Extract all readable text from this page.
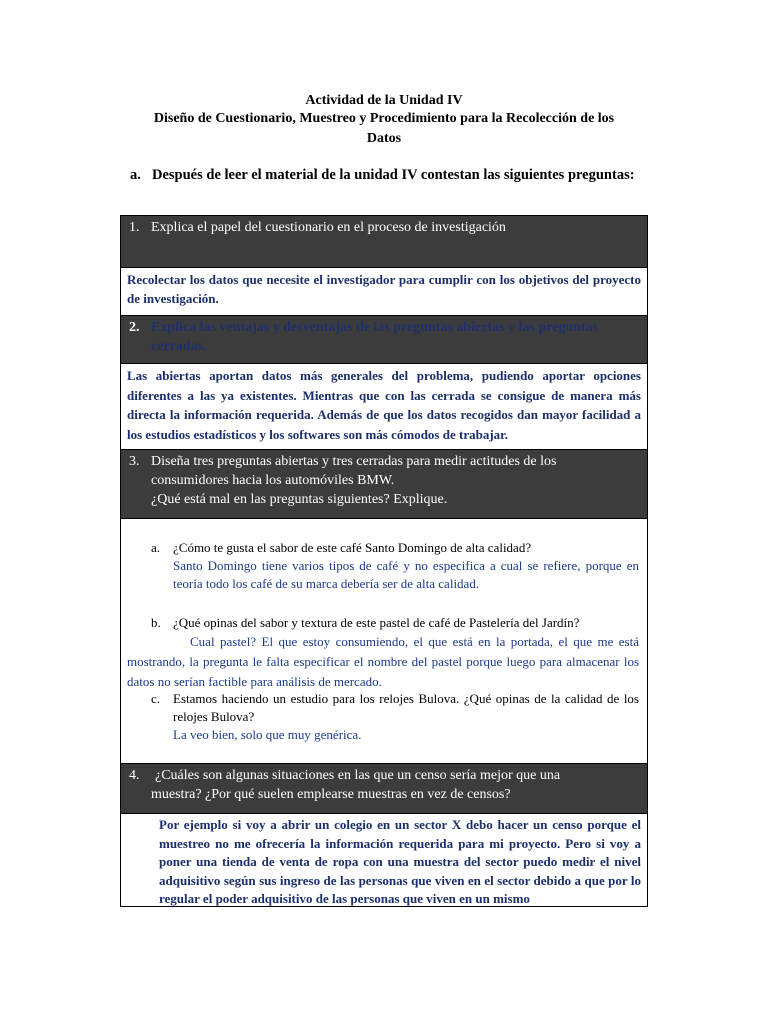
Actividad de la Unidad IV
Diseño de Cuestionario, Muestreo y Procedimiento para la Recolección de los
Datos
a. Después de leer el material de la unidad IV contestan las siguientes preguntas:
1. Explica el papel del cuestionario en el proceso de investigación
Recolectar los datos que necesite el investigador para cumplir con los objetivos del proyecto de investigación.
2. Explica las ventajas y desventajas de las preguntas abiertas y las preguntas cerradas.
Las abiertas aportan datos más generales del problema, pudiendo aportar opciones diferentes a las ya existentes. Mientras que con las cerrada se consigue de manera más directa la información requerida. Además de que los datos recogidos dan mayor facilidad a los estudios estadísticos y los softwares son más cómodos de trabajar.
3. Diseña tres preguntas abiertas y tres cerradas para medir actitudes de los
consumidores hacia los automóviles BMW.
¿Qué está mal en las preguntas siguientes? Explique.
a. ¿Cómo te gusta el sabor de este café Santo Domingo de alta calidad?
Santo Domingo tiene varios tipos de café y no especifica a cual se refiere, porque en teoría todo los café de su marca debería ser de alta calidad.
b. ¿Qué opinas del sabor y textura de este pastel de café de Pastelería del Jardín?
Cual pastel? El que estoy consumiendo, el que está en la portada, el que me está mostrando, la pregunta le falta especificar el nombre del pastel porque luego para almacenar los datos no serían factible para análisis de mercado.
c. Estamos haciendo un estudio para los relojes Bulova. ¿Qué opinas de la calidad de los relojes Bulova?
La veo bien, solo que muy genérica.
4.	¿Cuáles son algunas situaciones en las que un censo sería mejor que una
muestra? ¿Por qué suelen emplearse muestras en vez de censos?
Por ejemplo si voy a abrir un colegio en un sector X debo hacer un censo porque el muestreo no me ofrecería la información requerida para mi proyecto. Pero si voy a poner una tienda de venta de ropa con una muestra del sector puedo medir el nivel adquisitivo según sus ingreso de las personas que viven en el sector debido a que por lo regular el poder adquisitivo de las personas que viven en un mismo
